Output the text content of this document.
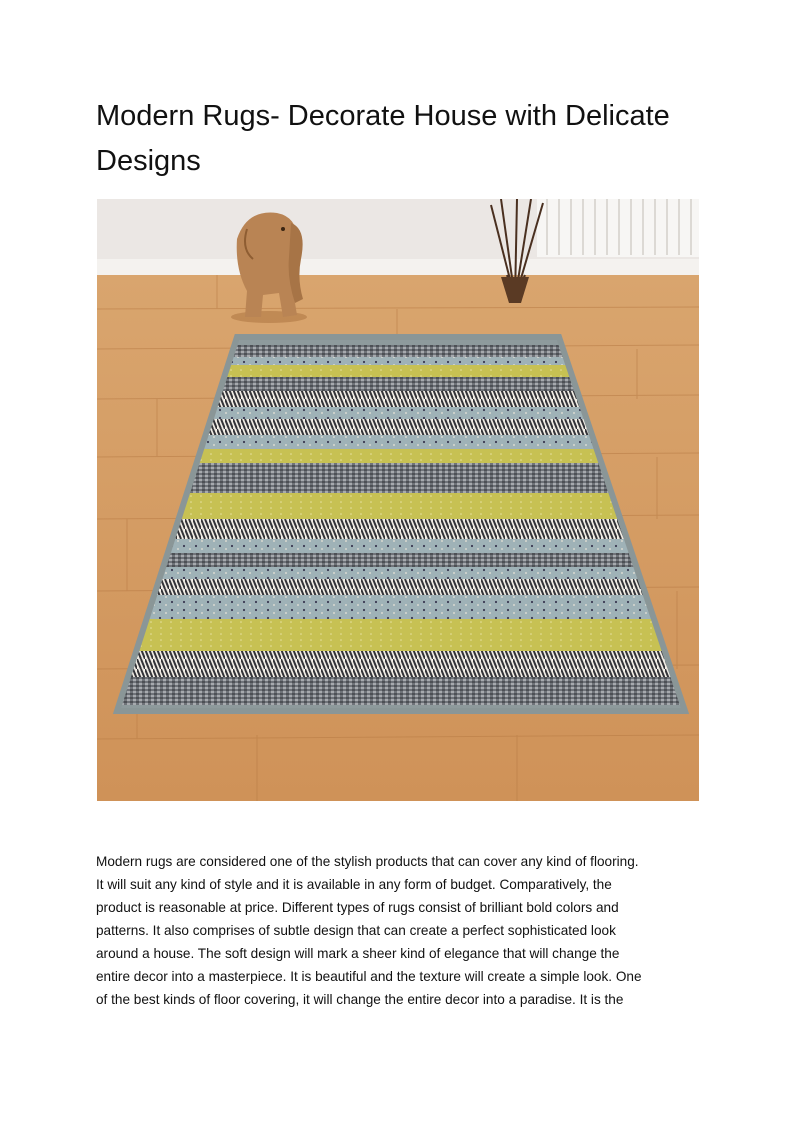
Modern Rugs- Decorate House with Delicate Designs
Modern rugs are considered one of the stylish products that can cover any kind of flooring.
It will suit any kind of style and it is available in any form of budget. Comparatively, the
product is reasonable at price. Different types of rugs consist of brilliant bold colors and
patterns. It also comprises of subtle design that can create a perfect sophisticated look
around a house. The soft design will mark a sheer kind of elegance that will change the
entire decor into a masterpiece. It is beautiful and the texture will create a simple look. One
of the best kinds of floor covering, it will change the entire decor into a paradise. It is the
